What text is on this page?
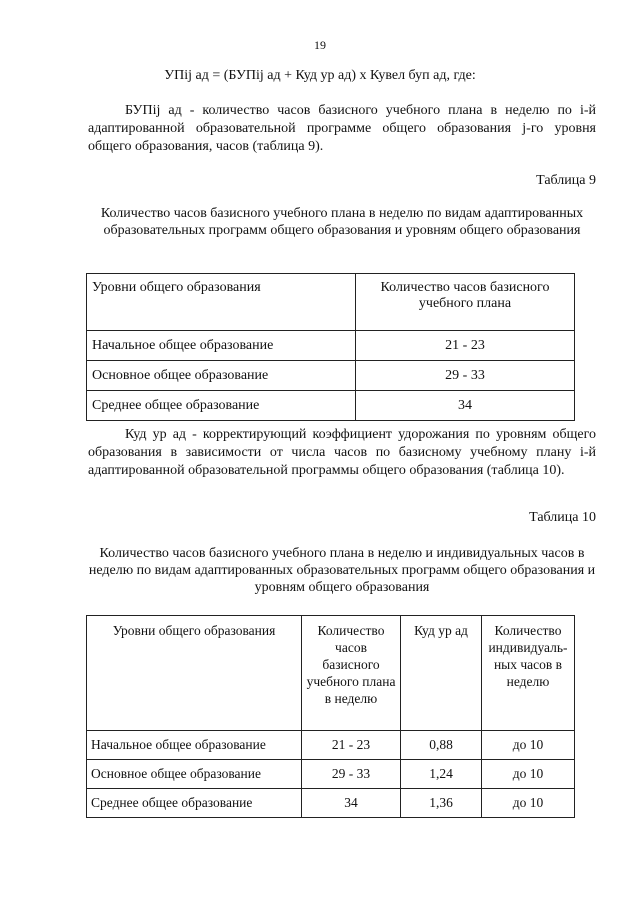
19
УПij ад = (БУПij ад + Куд ур ад) x Кувел буп ад, где:
БУПij ад - количество часов базисного учебного плана в неделю по i-й адаптированной образовательной программе общего образования j-го уровня общего образования, часов (таблица 9).
Таблица 9
Количество часов базисного учебного плана в неделю по видам адаптированных образовательных программ общего образования и уровням общего образования
Уровни общего образования	Количество часов базисного учебного плана
Начальное общее образование	21 - 23
Основное общее образование	29 - 33
Среднее общее образование	34
Куд ур ад - корректирующий коэффициент удорожания по уровням общего образования в зависимости от числа часов по базисному учебному плану i-й адаптированной образовательной программы общего образования (таблица 10).
Таблица 10
Количество часов базисного учебного плана в неделю и индивидуальных часов в неделю по видам адаптированных образовательных программ общего образования и уровням общего образования
Уровни общего образования	Количество часов базисного учебного плана в неделю	Куд ур ад	Количество индивидуаль- ных часов в неделю
Начальное общее образование	21 - 23	0,88	до 10
Основное общее образование	29 - 33	1,24	до 10
Среднее общее образование	34	1,36	до 10
